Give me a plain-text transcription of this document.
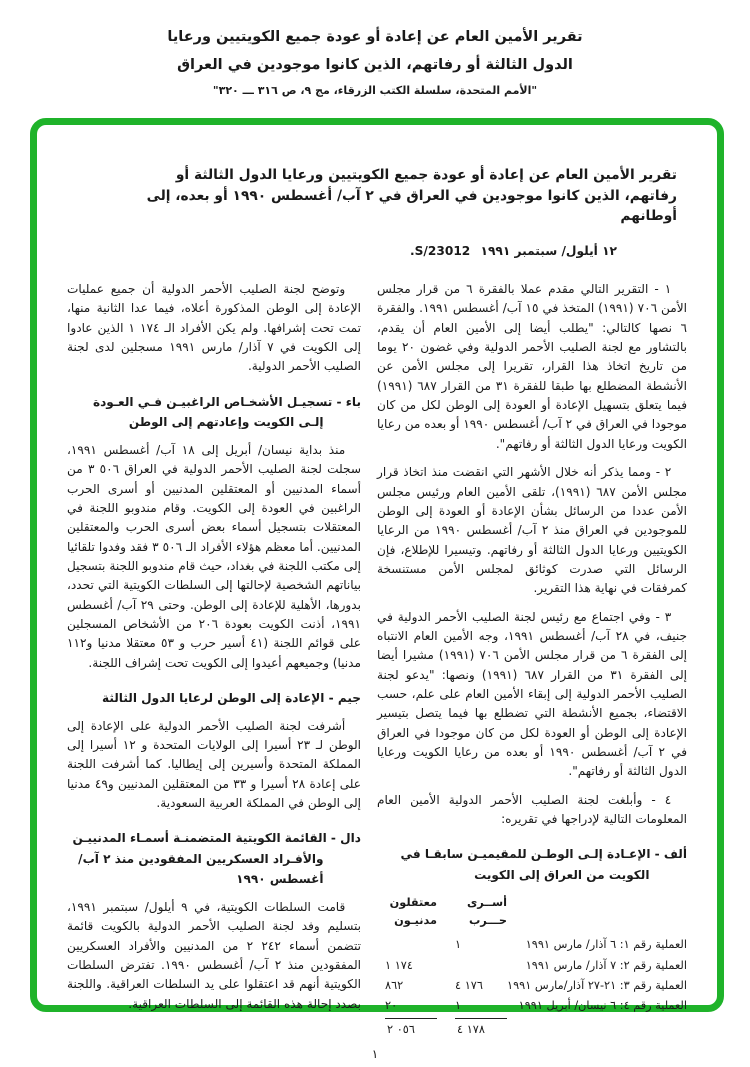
تقرير الأمين العام عن إعادة أو عودة جميع الكويتيين ورعايا
الدول الثالثة أو رفاتهم، الذين كانوا موجودين في العراق
"الأمم المتحدة، سلسلة الكتب الزرقاء، مج ٩، ص ٣١٦ ـــ ٣٢٠"
تقرير الأمين العام عن إعادة أو عودة جميع الكويتيين ورعايا الدول الثالثة أو رفاتهم، الذين كانوا موجودين في العراق في ٢ آب/ أغسطس ١٩٩٠ أو بعده، إلى أوطانهم
١٢ أيلول/ سبتمبر ١٩٩١ S/23012.

١ - التقرير التالي مقدم عملا بالفقرة ٦ من قرار مجلس الأمن ٧٠٦ (١٩٩١) المتخذ في ١٥ آب/ أغسطس ١٩٩١. والفقرة ٦ نصها كالتالي: "يطلب أيضا إلى الأمين العام أن يقدم، بالتشاور مع لجنة الصليب الأحمر الدولية وفي غضون ٢٠ يوما من تاريخ اتخاذ هذا القرار، تقريرا إلى مجلس الأمن عن الأنشطة المضطلع بها طبقا للفقرة ٣١ من القرار ٦٨٧ (١٩٩١) فيما يتعلق بتسهيل الإعادة أو العودة إلى الوطن لكل من كان موجودا في العراق في ٢ آب/ أغسطس ١٩٩٠ أو بعده من رعايا الكويت ورعايا الدول الثالثة أو رفاتهم".

٢ - ومما يذكر أنه خلال الأشهر التي انقضت منذ اتخاذ قرار مجلس الأمن ٦٨٧ (١٩٩١)، تلقى الأمين العام ورئيس مجلس الأمن عددا من الرسائل بشأن الإعادة أو العودة إلى الوطن للموجودين في العراق منذ ٢ آب/ أغسطس ١٩٩٠ من الرعايا الكويتيين ورعايا الدول الثالثة أو رفاتهم. وتيسيرا للإطلاع، فإن الرسائل التي صدرت كوثائق لمجلس الأمن مستنسخة كمرفقات في نهاية هذا التقرير.

٣ - وفي اجتماع مع رئيس لجنة الصليب الأحمر الدولية في جنيف، في ٢٨ آب/ أغسطس ١٩٩١، وجه الأمين العام الانتباه إلى الفقرة ٦ من قرار مجلس الأمن ٧٠٦ (١٩٩١) مشيرا أيضا إلى الفقرة ٣١ من القرار ٦٨٧ (١٩٩١) ونصها: "يدعو لجنة الصليب الأحمر الدولية إلى إبقاء الأمين العام على علم، حسب الاقتضاء، بجميع الأنشطة التي تضطلع بها فيما يتصل بتيسير الإعادة إلى الوطن أو العودة لكل من كان موجودا في العراق في ٢ آب/ أغسطس ١٩٩٠ أو بعده من رعايا الكويت ورعايا الدول الثالثة أو رفاتهم".

٤ - وأبلغت لجنة الصليب الأحمر الدولية الأمين العام المعلومات التالية لإدراجها في تقريره:

ألف - الإعـادة إلـى الوطـن للمقيميـن سابقـا في الكويت من العراق إلى الكويت
	أســرى
حـــرب	معتقلون
مدنيـون
العملية رقم ١: ٦ آذار/ مارس ١٩٩١	١	
العملية رقم ٢: ٧ آذار/ مارس ١٩٩١		١ ١٧٤
العملية رقم ٣: ٢١-٢٧ آذار/مارس ١٩٩١	٤ ١٧٦	٨٦٢
العملية رقم ٤: ٦ نيسان/ أبريل ١٩٩١	١	٢٠
	٤ ١٧٨	٢ ٠٥٦

وتوضح لجنة الصليب الأحمر الدولية أن جميع عمليات الإعادة إلى الوطن المذكورة أعلاه، فيما عدا الثانية منها، تمت تحت إشرافها. ولم يكن الأفراد الـ ١ ١٧٤ الذين عادوا إلى الكويت في ٧ آذار/ مارس ١٩٩١ مسجلين لدى لجنة الصليب الأحمر الدولية.

باء - تسجيـل الأشخـاص الراغبيـن فـي العـودة إلـى الكويت وإعادتهم إلى الوطن

منذ بداية نيسان/ أبريل إلى ١٨ آب/ أغسطس ١٩٩١، سجلت لجنة الصليب الأحمر الدولية في العراق ٣ ٥٠٦ من أسماء المدنيين أو المعتقلين المدنيين أو أسرى الحرب الراغبين في العودة إلى الكويت. وقام مندوبو اللجنة في المعتقلات بتسجيل أسماء بعض أسرى الحرب والمعتقلين المدنيين. أما معظم هؤلاء الأفراد الـ ٣ ٥٠٦ فقد وفدوا تلقائيا إلى مكتب اللجنة في بغداد، حيث قام مندوبو اللجنة بتسجيل بياناتهم الشخصية لإحالتها إلى السلطات الكويتية التي تحدد، بدورها، الأهلية للإعادة إلى الوطن. وحتى ٢٩ آب/ أغسطس ١٩٩١، أذنت الكويت بعودة ٢٠٦ من الأشخاص المسجلين على قوائم اللجنة (٤١ أسير حرب و ٥٣ معتقلا مدنيا و١١٢ مدنيا) وجميعهم أعيدوا إلى الكويت تحت إشراف اللجنة.

جيم - الإعادة إلى الوطن لرعايا الدول الثالثة

أشرفت لجنة الصليب الأحمر الدولية على الإعادة إلى الوطن لـ ٢٣ أسيرا إلى الولايات المتحدة و ١٢ أسيرا إلى المملكة المتحدة وأسيرين إلى إيطاليا. كما أشرفت اللجنة على إعادة ٢٨ أسيرا و ٣٣ من المعتقلين المدنيين و٤٩ مدنيا إلى الوطن في المملكة العربية السعودية.

دال - القائمة الكويتية المتضمنـة أسمـاء المدنييـن والأفـراد العسكريين المفقودين منذ ٢ آب/ أغسطس ١٩٩٠

قامت السلطات الكويتية، في ٩ أيلول/ سبتمبر ١٩٩١، بتسليم وفد لجنة الصليب الأحمر الدولية بالكويت قائمة تتضمن أسماء ٢ ٢٤٢ من المدنيين والأفراد العسكريين المفقودين منذ ٢ آب/ أغسطس ١٩٩٠. تفترض السلطات الكويتية أنهم قد اعتقلوا على يد السلطات العراقية. واللجنة بصدد إحالة هذه القائمة إلى السلطات العراقية.

١
